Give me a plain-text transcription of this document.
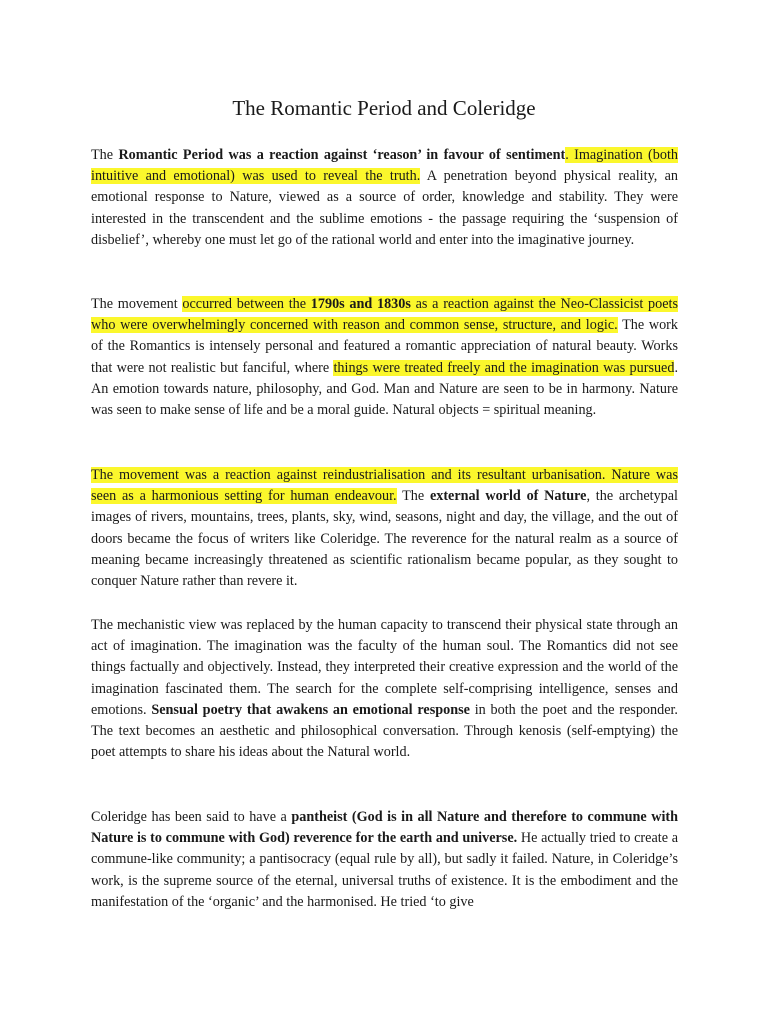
The Romantic Period and Coleridge

The Romantic Period was a reaction against ‘reason’ in favour of sentiment. Imagination (both intuitive and emotional) was used to reveal the truth. A penetration beyond physical reality, an emotional response to Nature, viewed as a source of order, knowledge and stability. They were interested in the transcendent and the sublime emotions - the passage requiring the ‘suspension of disbelief’, whereby one must let go of the rational world and enter into the imaginative journey.

The movement occurred between the 1790s and 1830s as a reaction against the Neo-Classicist poets who were overwhelmingly concerned with reason and common sense, structure, and logic. The work of the Romantics is intensely personal and featured a romantic appreciation of natural beauty. Works that were not realistic but fanciful, where things were treated freely and the imagination was pursued. An emotion towards nature, philosophy, and God. Man and Nature are seen to be in harmony. Nature was seen to make sense of life and be a moral guide. Natural objects = spiritual meaning.

The movement was a reaction against reindustrialisation and its resultant urbanisation. Nature was seen as a harmonious setting for human endeavour. The external world of Nature, the archetypal images of rivers, mountains, trees, plants, sky, wind, seasons, night and day, the village, and the out of doors became the focus of writers like Coleridge. The reverence for the natural realm as a source of meaning became increasingly threatened as scientific rationalism became popular, as they sought to conquer Nature rather than revere it.

The mechanistic view was replaced by the human capacity to transcend their physical state through an act of imagination. The imagination was the faculty of the human soul. The Romantics did not see things factually and objectively. Instead, they interpreted their creative expression and the world of the imagination fascinated them. The search for the complete self-comprising intelligence, senses and emotions. Sensual poetry that awakens an emotional response in both the poet and the responder. The text becomes an aesthetic and philosophical conversation. Through kenosis (self-emptying) the poet attempts to share his ideas about the Natural world.

Coleridge has been said to have a pantheist (God is in all Nature and therefore to commune with Nature is to commune with God) reverence for the earth and universe. He actually tried to create a commune-like community; a pantisocracy (equal rule by all), but sadly it failed. Nature, in Coleridge’s work, is the supreme source of the eternal, universal truths of existence. It is the embodiment and the manifestation of the ‘organic’ and the harmonised. He tried ‘to give
